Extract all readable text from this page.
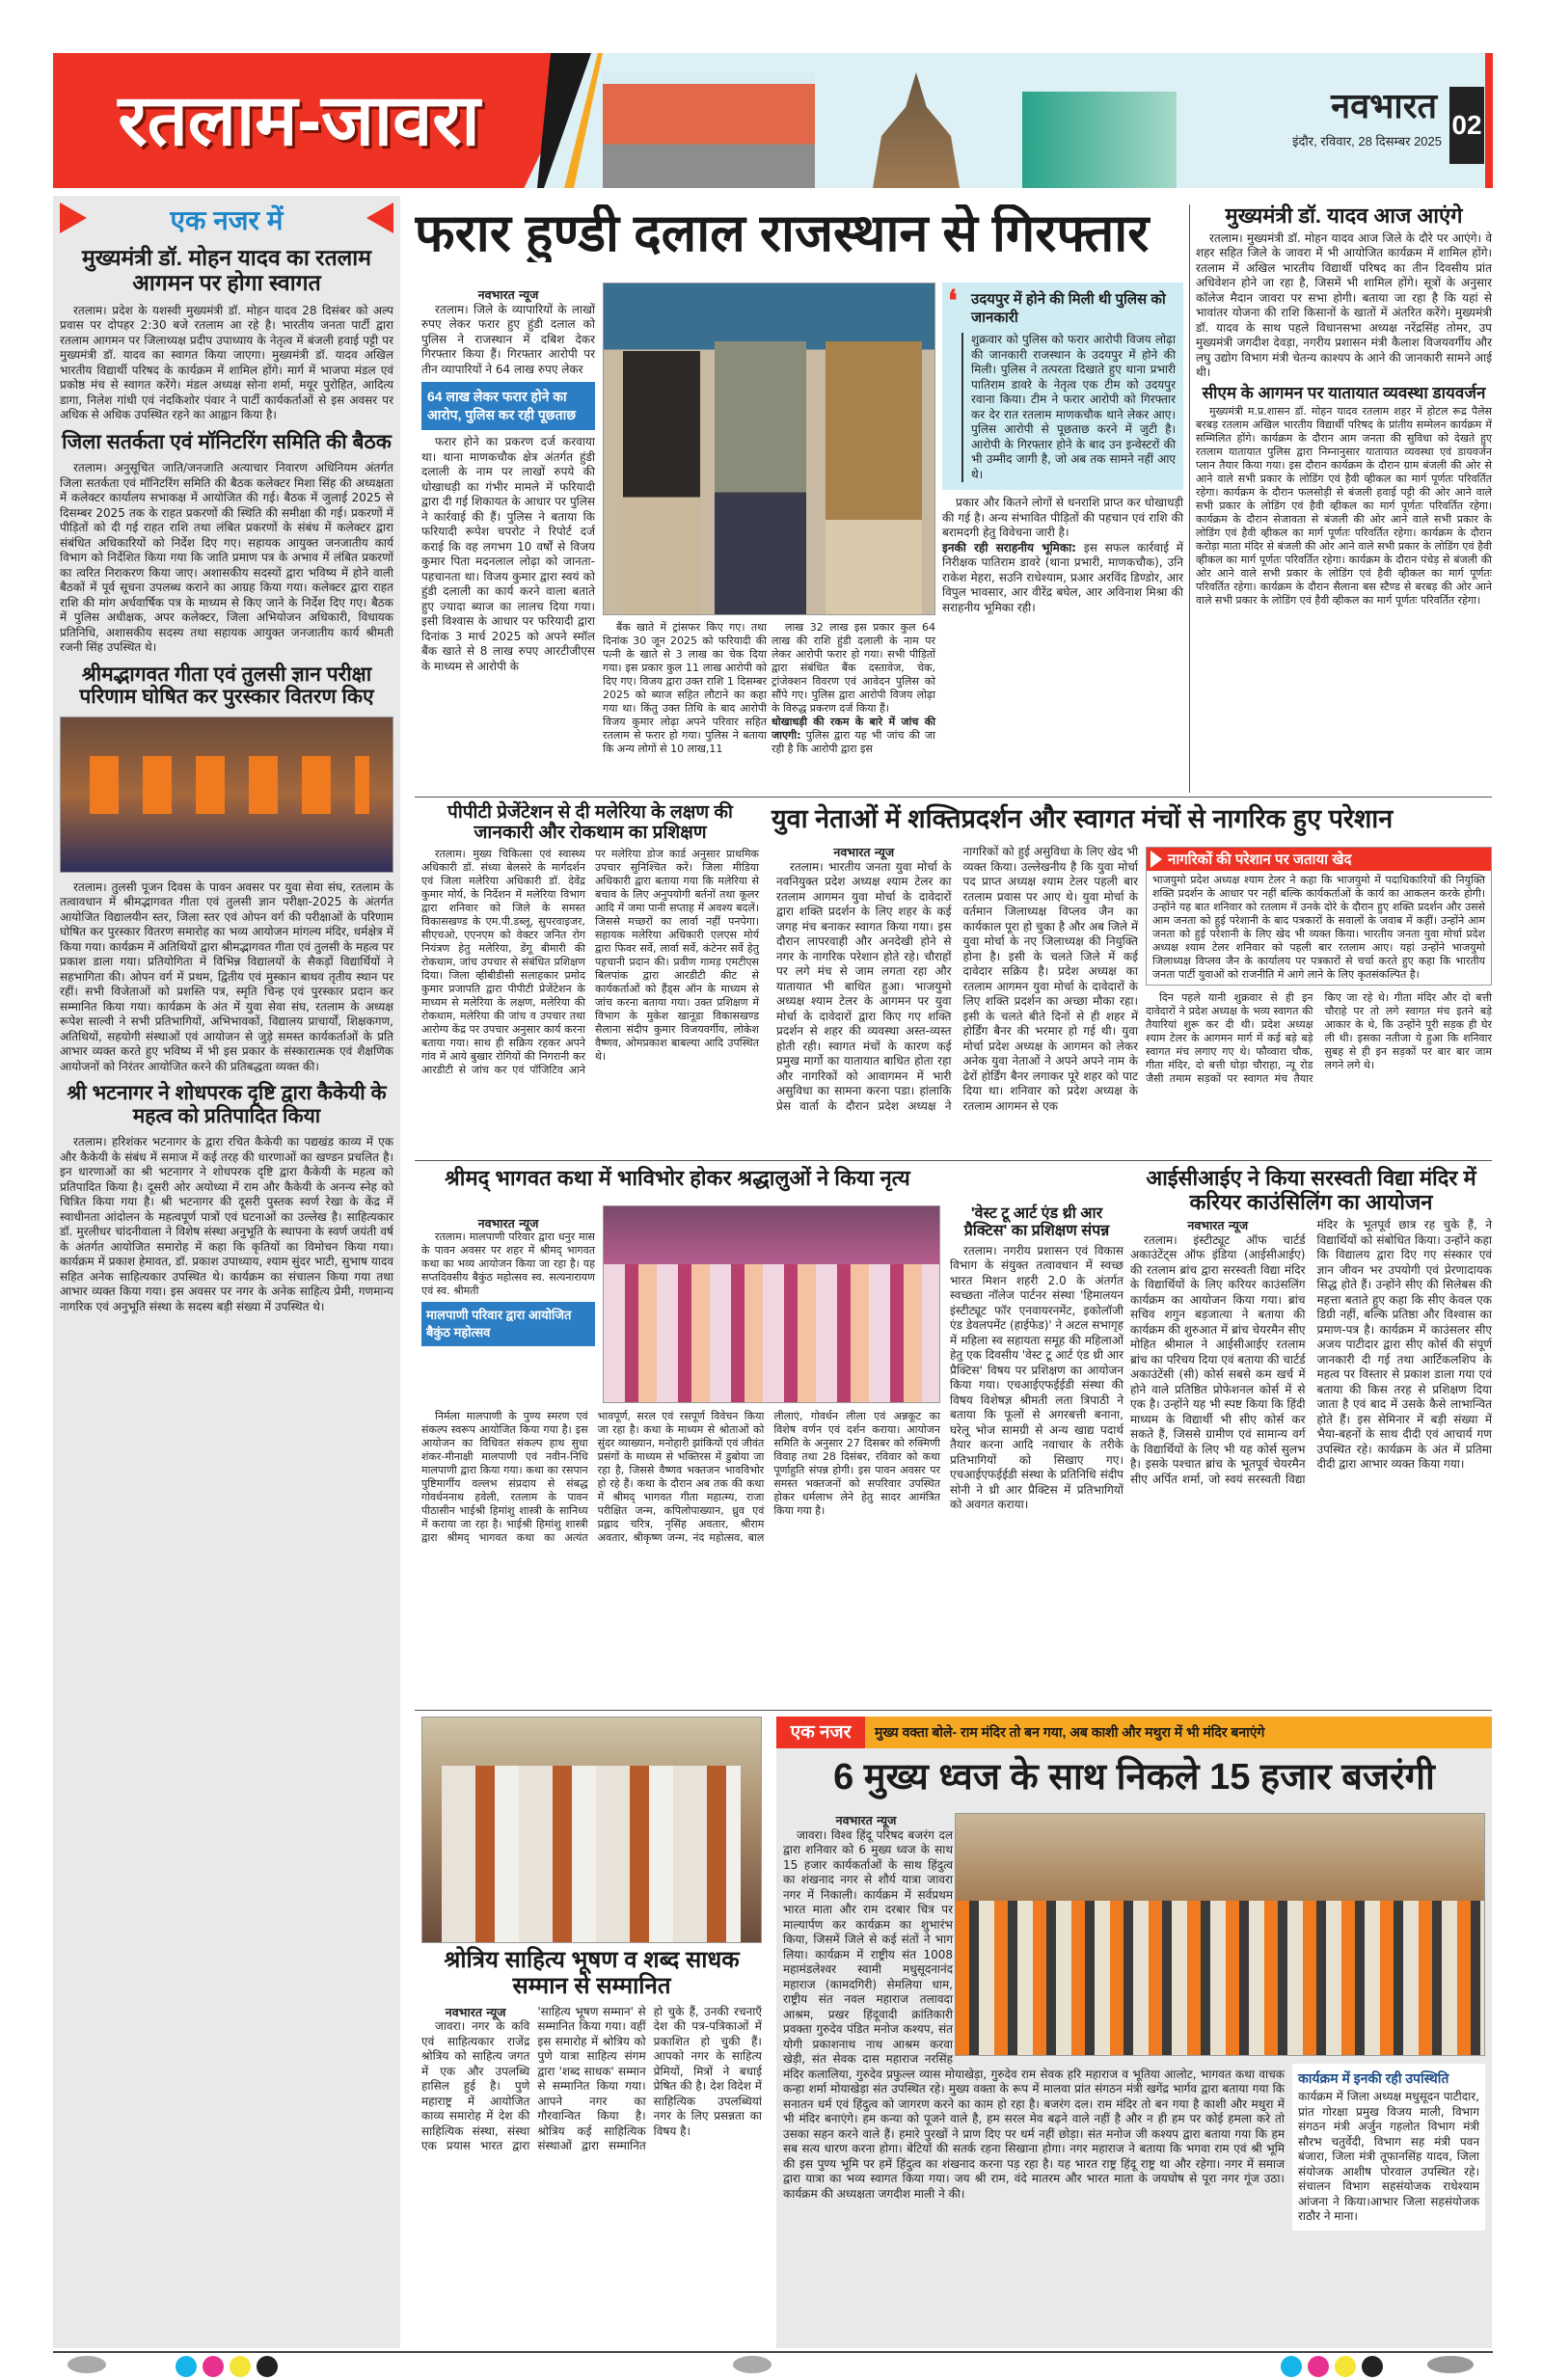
रतलाम-जावरा	नवभारत
इंदौर, रविवार, 28 दिसम्बर 2025
02
एक नजर में
मुख्यमंत्री डॉ. मोहन यादव का रतलाम आगमन पर होगा स्वागत

रतलाम। प्रदेश के यशस्वी मुख्यमंत्री डॉ. मोहन यादव 28 दिसंबर को अल्प प्रवास पर दोपहर 2:30 बजे रतलाम आ रहे है। भारतीय जनता पार्टी द्वारा रतलाम आगमन पर जिलाध्यक्ष प्रदीप उपाध्याय के नेतृत्व में बंजली हवाई पट्टी पर मुख्यमंत्री डॉ. यादव का स्वागत किया जाएगा। मुख्यमंत्री डॉ. यादव अखिल भारतीय विद्यार्थी परिषद के कार्यक्रम में शामिल होंगे। मार्ग में भाजपा मंडल एवं प्रकोष्ठ मंच से स्वागत करेंगे। मंडल अध्यक्ष सोना शर्मा, मयूर पुरोहित, आदित्य डागा, निलेश गांधी एवं नंदकिशोर पंवार ने पार्टी कार्यकर्ताओं से इस अवसर पर अधिक से अधिक उपस्थित रहने का आह्वान किया है।

जिला सतर्कता एवं मॉनिटरिंग समिति की बैठक

रतलाम। अनुसूचित जाति/जनजाति अत्याचार निवारण अधिनियम अंतर्गत जिला सतर्कता एवं मॉनिटरिंग समिति की बैठक कलेक्टर मिशा सिंह की अध्यक्षता में कलेक्टर कार्यालय सभाकक्ष में आयोजित की गई। बैठक में जुलाई 2025 से दिसम्बर 2025 तक के राहत प्रकरणों की स्थिति की समीक्षा की गई। प्रकरणों में पीड़ितों को दी गई राहत राशि तथा लंबित प्रकरणों के संबंध में कलेक्टर द्वारा संबंधित अधिकारियों को निर्देश दिए गए। सहायक आयुक्त जनजातीय कार्य विभाग को निर्देशित किया गया कि जाति प्रमाण पत्र के अभाव में लंबित प्रकरणों का त्वरित निराकरण किया जाए। अशासकीय सदस्यों द्वारा भविष्य में होने वाली बैठकों में पूर्व सूचना उपलब्ध कराने का आग्रह किया गया। कलेक्टर द्वारा राहत राशि की मांग अर्धवार्षिक पत्र के माध्यम से किए जाने के निर्देश दिए गए। बैठक में पुलिस अधीक्षक, अपर कलेक्टर, जिला अभियोजन अधिकारी, विधायक प्रतिनिधि, अशासकीय सदस्य तथा सहायक आयुक्त जनजातीय कार्य श्रीमती रजनी सिंह उपस्थित थे।

श्रीमद्भागवत गीता एवं तुलसी ज्ञान परीक्षा परिणाम घोषित कर पुरस्कार वितरण किए

रतलाम। तुलसी पूजन दिवस के पावन अवसर पर युवा सेवा संघ, रतलाम के तत्वावधान में श्रीमद्भागवत गीता एवं तुलसी ज्ञान परीक्षा-2025 के अंतर्गत आयोजित विद्यालयीन स्तर, जिला स्तर एवं ओपन वर्ग की परीक्षाओं के परिणाम घोषित कर पुरस्कार वितरण समारोह का भव्य आयोजन मांगल्य मंदिर, धर्मक्षेत्र में किया गया। कार्यक्रम में अतिथियों द्वारा श्रीमद्भागवत गीता एवं तुलसी के महत्व पर प्रकाश डाला गया। प्रतियोगिता में विभिन्न विद्यालयों के सैकड़ों विद्यार्थियों ने सहभागिता की। ओपन वर्ग में प्रथम, द्वितीय एवं मुस्कान बाथव तृतीय स्थान पर रहीं। सभी विजेताओं को प्रशस्ति पत्र, स्मृति चिन्ह एवं पुरस्कार प्रदान कर सम्मानित किया गया। कार्यक्रम के अंत में युवा सेवा संघ, रतलाम के अध्यक्ष रूपेश साल्वी ने सभी प्रतिभागियों, अभिभावकों, विद्यालय प्राचार्यों, शिक्षकगण, अतिथियों, सहयोगी संस्थाओं एवं आयोजन से जुड़े समस्त कार्यकर्ताओं के प्रति आभार व्यक्त करते हुए भविष्य में भी इस प्रकार के संस्कारात्मक एवं शैक्षणिक आयोजनों को निरंतर आयोजित करने की प्रतिबद्धता व्यक्त की।

श्री भटनागर ने शोधपरक दृष्टि द्वारा कैकेयी के महत्व को प्रतिपादित किया

रतलाम। हरिशंकर भटनागर के द्वारा रचित कैकेयी का पद्यखंड काव्य में एक और कैकेयी के संबंध में समाज में कई तरह की धारणाओं का खण्डन प्रचलित है। इन धारणाओं का श्री भटनागर ने शोधपरक दृष्टि द्वारा कैकेयी के महत्व को प्रतिपादित किया है। दूसरी ओर अयोध्या में राम और कैकेयी के अनन्य स्नेह को चित्रित किया गया है। श्री भटनागर की दूसरी पुस्तक स्वर्ण रेखा के केंद्र में स्वाधीनता आंदोलन के महत्वपूर्ण पात्रों एवं घटनाओं का उल्लेख है। साहित्यकार डॉ. मुरलीधर चांदनीवाला ने विशेष संस्था अनुभूति के स्थापना के स्वर्ण जयंती वर्ष के अंतर्गत आयोजित समारोह में कहा कि कृतियों का विमोचन किया गया। कार्यक्रम में प्रकाश हेमावत, डॉ. प्रकाश उपाध्याय, श्याम सुंदर भाटी, सुभाष यादव सहित अनेक साहित्यकार उपस्थित थे। कार्यक्रम का संचालन किया गया तथा आभार व्यक्त किया गया। इस अवसर पर नगर के अनेक साहित्य प्रेमी, गणमान्य नागरिक एवं अनुभूति संस्था के सदस्य बड़ी संख्या में उपस्थित थे।

फरार हुण्डी दलाल राजस्थान से गिरफ्तार
नवभारत न्यूज

रतलाम। जिले के व्यापारियों के लाखों रुपए लेकर फरार हुए हुंडी दलाल को पुलिस ने राजस्थान में दबिश देकर गिरफ्तार किया हैं। गिरफ्तार आरोपी पर तीन व्यापारियों ने 64 लाख रुपए लेकर

64 लाख लेकर फरार होने का आरोप, पुलिस कर रही पूछताछ

फरार होने का प्रकरण दर्ज करवाया था। थाना माणकचौक क्षेत्र अंतर्गत हुंडी दलाली के नाम पर लाखों रुपये की धोखाधड़ी का गंभीर मामले में फरियादी द्वारा दी गई शिकायत के आधार पर पुलिस ने कार्रवाई की हैं। पुलिस ने बताया कि फरियादी रूपेश चपरोट ने रिपोर्ट दर्ज कराई कि वह लगभग 10 वर्षों से विजय कुमार पिता मदनलाल लोढ़ा को जानता-पहचानता था। विजय कुमार द्वारा स्वयं को हुंडी दलाली का कार्य करने वाला बताते हुए ज्यादा ब्याज का लालच दिया गया। इसी विश्वास के आधार पर फरियादी द्वारा दिनांक 3 मार्च 2025 को अपने स्मॉल बैंक खाते से 8 लाख रुपए आरटीजीएस के माध्यम से आरोपी के

बैंक खाते में ट्रांसफर किए गए। तथा दिनांक 30 जून 2025 को फरियादी की पत्नी के खाते से 3 लाख का चेक दिया गया। इस प्रकार कुल 11 लाख आरोपी को दिए गए। विजय द्वारा उक्त राशि 1 दिसम्बर 2025 को ब्याज सहित लौटाने का कहा गया था। किंतु उक्त तिथि के बाद आरोपी विजय कुमार लोढ़ा अपने परिवार सहित रतलाम से फरार हो गया। पुलिस ने बताया कि अन्य लोगों से 10 लाख,11

लाख 32 लाख इस प्रकार कुल 64 लाख की राशि हुंडी दलाली के नाम पर लेकर आरोपी फरार हो गया। सभी पीड़ितों द्वारा संबंधित बैंक दस्तावेज, चेक, ट्रांजेक्शन विवरण एवं आवेदन पुलिस को सौंपे गए। पुलिस द्वारा आरोपी विजय लोढ़ा के विरुद्ध प्रकरण दर्ज किया हैं।

धोखाधड़ी की रकम के बारे में जांच की जाएगी: पुलिस द्वारा यह भी जांच की जा रही है कि आरोपी द्वारा इस
❛ उदयपुर में होने की मिली थी पुलिस को जानकारी
शुक्रवार को पुलिस को फरार आरोपी विजय लोढ़ा की जानकारी राजस्थान के उदयपुर में होने की मिली। पुलिस ने तत्परता दिखाते हुए थाना प्रभारी पातिराम डावरे के नेतृत्व एक टीम को उदयपुर रवाना किया। टीम ने फरार आरोपी को गिरफ्तार कर देर रात रतलाम माणकचौक थाने लेकर आए। पुलिस आरोपी से पूछताछ करने में जुटी है। आरोपी के गिरफ्तार होने के बाद उन इन्वेस्टरों की भी उम्मीद जागी है, जो अब तक सामने नहीं आए थे।

प्रकार और कितने लोगों से धनराशि प्राप्त कर धोखाधड़ी की गई है। अन्य संभावित पीड़ितों की पहचान एवं राशि की बरामदगी हेतु विवेचना जारी है।

इनकी रही सराहनीय भूमिका: इस सफल कार्रवाई में निरीक्षक पातिराम डावरे (थाना प्रभारी, माणकचौक), उनि राकेश मेहरा, सउनि राधेश्याम, प्रआर अरविंद डिण्डोर, आर विपुल भावसार, आर वीरेंद्र बघेल, आर अविनाश मिश्रा की सराहनीय भूमिका रही।
मुख्यमंत्री डॉ. यादव आज आएंगे

रतलाम। मुख्यमंत्री डॉ. मोहन यादव आज जिले के दौरे पर आएंगे। वे शहर सहित जिले के जावरा में भी आयोजित कार्यक्रम में शामिल होंगे। रतलाम में अखिल भारतीय विद्यार्थी परिषद का तीन दिवसीय प्रांत अधिवेशन होने जा रहा है, जिसमें भी शामिल होंगे। सूत्रों के अनुसार कॉलेज मैदान जावरा पर सभा होगी। बताया जा रहा है कि यहां से भावांतर योजना की राशि किसानों के खातों में अंतरित करेंगे। मुख्यमंत्री डॉ. यादव के साथ पहले विधानसभा अध्यक्ष नरेंद्रसिंह तोमर, उप मुख्यमंत्री जगदीश देवड़ा, नगरीय प्रशासन मंत्री कैलाश विजयवर्गीय और लघु उद्योग विभाग मंत्री चेतन्य काश्यप के आने की जानकारी सामने आई थी।

सीएम के आगमन पर यातायात व्यवस्था डायवर्जन

मुख्यमंत्री म.प्र.शासन डॉ. मोहन यादव रतलाम शहर में होटल रूद्र पैलेस बरबड़ रतलाम अखिल भारतीय विद्यार्थी परिषद के प्रांतीय सम्मेलन कार्यक्रम में सम्मिलित होंगे। कार्यक्रम के दौरान आम जनता की सुविधा को देखते हुए रतलाम यातायात पुलिस द्वारा निम्नानुसार यातायात व्यवस्था एवं डायवर्जन प्लान तैयार किया गया। इस दौरान कार्यक्रम के दौरान ग्राम बंजली की ओर से आने वाले सभी प्रकार के लोडिंग एवं हैवी व्हीकल का मार्ग पूर्णतः परिवर्तित रहेगा। कार्यक्रम के दौरान फलसोड़ी से बंजली हवाई पट्टी की ओर आने वाले सभी प्रकार के लोडिंग एवं हैवी व्हीकल का मार्ग पूर्णतः परिवर्तित रहेगा। कार्यक्रम के दौरान सेजावता से बंजली की ओर आने वाले सभी प्रकार के लोडिंग एवं हैवी व्हीकल का मार्ग पूर्णतः परिवर्तित रहेगा। कार्यक्रम के दौरान करोड़ा माता मंदिर से बंजली की ओर आने वाले सभी प्रकार के लोडिंग एवं हैवी व्हीकल का मार्ग पूर्णतः परिवर्तित रहेगा। कार्यक्रम के दौरान पंचेड़ से बंजली की ओर आने वाले सभी प्रकार के लोडिंग एवं हैवी व्हीकल का मार्ग पूर्णतः परिवर्तित रहेगा। कार्यक्रम के दौरान सैलाना बस स्टैण्ड से बरबड़ की ओर आने वाले सभी प्रकार के लोडिंग एवं हैवी व्हीकल का मार्ग पूर्णतः परिवर्तित रहेगा।

पीपीटी प्रेजेंटेशन से दी मलेरिया के लक्षण की जानकारी और रोकथाम का प्रशिक्षण

रतलाम। मुख्य चिकित्सा एवं स्वास्थ्य अधिकारी डॉ. संध्या बेलसरे के मार्गदर्शन एवं जिला मलेरिया अधिकारी डॉ. देवेंद्र कुमार मोर्य, के निर्देशन में मलेरिया विभाग द्वारा शनिवार को जिले के समस्त विकासखण्ड के एम.पी.डब्लू, सुपरवाइजर, सीएचओ, एएनएम को वेक्टर जनित रोग नियंत्रण हेतु मलेरिया, डेंगू बीमारी की रोकथाम, जांच उपचार से संबंधित प्रशिक्षण दिया। जिला व्हीबीडीसी सलाहकार प्रमोद कुमार प्रजापति द्वारा पीपीटी प्रेजेंटेशन के माध्यम से मलेरिया के लक्षण, मलेरिया की रोकथाम, मलेरिया की जांच व उपचार तथा आरोग्य केंद्र पर उपचार अनुसार कार्य करना बताया गया। साथ ही सक्रिय रहकर अपने गांव में आये बुखार रोगियों की निगरानी कर आरडीटी से जांच कर एवं पॉजिटिव आने पर मलेरिया डोज कार्ड अनुसार प्राथमिक उपचार सुनिश्चित करें। जिला मीडिया अधिकारी द्वारा बताया गया कि मलेरिया से बचाव के लिए अनुपयोगी बर्तनों तथा कूलर आदि में जमा पानी सप्ताह में अवश्य बदलें। जिससे मच्छरों का लार्वा नहीं पनपेगा। सहायक मलेरिया अधिकारी एलएस मोर्य द्वारा फिवर सर्वे, लार्वा सर्वे, कंटेनर सर्वे हेतु पहचानी प्रदान की। प्रवीण गामड़ एमटीएस बिलपांक द्वारा आरडीटी कीट से कार्यकर्ताओं को हैंड्स ऑन के माध्यम से जांच करना बताया गया। उक्त प्रशिक्षण में विभाग के मुकेश खानूडा विकासखण्ड सैलाना संदीप कुमार विजयवर्गीय, लोकेश वैष्णव, ओमप्रकाश बाबल्या आदि उपस्थित थे।

युवा नेताओं में शक्तिप्रदर्शन और स्वागत मंचों से नागरिक हुए परेशान
नवभारत न्यूज

रतलाम। भारतीय जनता युवा मोर्चा के नवनियुक्त प्रदेश अध्यक्ष श्याम टेलर का रतलाम आगमन युवा मोर्चा के दावेदारों द्वारा शक्ति प्रदर्शन के लिए शहर के कई जगह मंच बनाकर स्वागत किया गया। इस दौरान लापरवाही और अनदेखी होने से नगर के नागरिक परेशान होते रहे। चौराहों पर लगे मंच से जाम लगता रहा और यातायात भी बाधित हुआ। भाजयुमो अध्यक्ष श्याम टेलर के आगमन पर युवा मोर्चा के दावेदारों द्वारा किए गए शक्ति प्रदर्शन से शहर की व्यवस्था अस्त-व्यस्त होती रही। स्वागत मंचों के कारण कई प्रमुख मार्गो का यातायात बाधित होता रहा और नागरिकों को आवागमन में भारी असुविधा का सामना करना पडा। हांलाकि प्रेस वार्ता के दौरान प्रदेश अध्यक्ष ने नागरिकों को हुई असुविधा के लिए खेद भी व्यक्त किया। उल्लेखनीय है कि युवा मोर्चा पद प्राप्त अध्यक्ष श्याम टेलर पहली बार रतलाम प्रवास पर आए थे। युवा मोर्चा के वर्तमान जिलाध्यक्ष विप्लव जैन का कार्यकाल पूरा हो चुका है और अब जिले में युवा मोर्चा के नए जिलाध्यक्ष की नियुक्ति होना है। इसी के चलते जिले में कई दावेदार सक्रिय है। प्रदेश अध्यक्ष का रतलाम आगमन युवा मोर्चा के दावेदारों के लिए शक्ति प्रदर्शन का अच्छा मौका रहा। इसी के चलते बीते दिनों से ही शहर में होर्डिंग बैनर की भरमार हो गई थी। युवा मोर्चा प्रदेश अध्यक्ष के आगमन को लेकर अनेक युवा नेताओं ने अपने अपने नाम के ढेरों होर्डिंग बैनर लगाकर पूरे शहर को पाट दिया था। शनिवार को प्रदेश अध्यक्ष के रतलाम आगमन से एक

नागरिकों की परेशान पर जताया खेद
भाजयुमो प्रदेश अध्यक्ष श्याम टेलर ने कहा कि भाजयुमो में पदाधिकारियों की नियुक्ति शक्ति प्रदर्शन के आधार पर नहीं बल्कि कार्यकर्ताओं के कार्य का आकलन करके होगी। उन्होंने यह बात शनिवार को रतलाम में उनके दोरे के दौरान हुए शक्ति प्रदर्शन और उससे आम जनता को हुई परेशानी के बाद पत्रकारों के सवालों के जवाब में कहीं। उन्होंने आम जनता को हुई परेशानी के लिए खेद भी व्यक्त किया। भारतीय जनता युवा मोर्चा प्रदेश अध्यक्ष श्याम टेलर शनिवार को पहली बार रतलाम आए। यहां उन्होंने भाजयुमो जिलाध्यक्ष विप्लव जैन के कार्यालय पर पत्रकारों से चर्चा करते हुए कहा कि भारतीय जनता पार्टी युवाओं को राजनीति में आगे लाने के लिए कृतसंकल्पित है।

दिन पहले यानी शुक्रवार से ही इन दावेदारों ने प्रदेश अध्यक्ष के भव्य स्वागत की तैयारियां शुरू कर दी थी। प्रदेश अध्यक्ष श्याम टेलर के आगमन मार्ग में कई बड़े बड़े स्वागत मंच लगाए गए थे। फौव्वारा चौक, गीता मंदिर, दो बत्ती घोड़ा चौराहा, न्यू रोड जैसी तमाम सड़कों पर स्वागत मंच तैयार किए जा रहे थे। गीता मंदिर और दो बत्ती चौराहे पर तो लगे स्वागत मंच इतने बड़े आकार के थे, कि उन्होंने पूरी सड़क ही घेर ली थी। इसका नतीजा ये हुआ कि शनिवार सुबह से ही इन सड़कों पर बार बार जाम लगने लगे थे।

श्रीमद् भागवत कथा में भाविभोर होकर श्रद्धालुओं ने किया नृत्य
नवभारत न्यूज

रतलाम। मालपाणी परिवार द्वारा धनुर मास के पावन अवसर पर शहर में श्रीमद् भागवत कथा का भव्य आयोजन किया जा रहा है। यह सप्तदिवसीय बैकुंठ महोत्सव स्व. सत्यनारायण एवं स्व. श्रीमती

मालपाणी परिवार द्वारा आयोजित बैकुंठ महोत्सव

निर्मला मालपाणी के पुण्य स्मरण एवं संकल्प स्वरूप आयोजित किया गया है। इस आयोजन का विधिवत संकल्प हाथ सुधा शंकर-मीनाक्षी मालपाणी एवं नवीन-निधि मालपाणी द्वारा किया गया। कथा का रसपान पुष्टिमार्गीय वल्लभ संप्रदाय से संबद्ध गोवर्धननाथ हवेली, रतलाम के पावन पीठासीन भाईश्री हिमांशु शास्त्री के सानिध्य में कराया जा रहा है। भाईश्री हिमांशु शास्त्री द्वारा श्रीमद् भागवत कथा का अत्यंत भावपूर्ण, सरल एवं रसपूर्ण विवेचन किया जा रहा है। कथा के माध्यम से श्रोताओं को सुंदर व्याख्यान, मनोहारी झांकियों एवं जीवंत प्रसंगों के माध्यम से भक्तिरस में डुबोया जा रहा है, जिससे वैष्णव भक्तजन भावविभोर हो रहे हैं। कथा के दौरान अब तक की कथा में श्रीमद् भागवत गीता महात्म्य, राजा परीक्षित जन्म, कपिलोपाख्यान, ध्रुव एवं प्रह्लाद चरित्र, नृसिंह अवतार, श्रीराम अवतार, श्रीकृष्ण जन्म, नंद महोत्सव, बाल लीलाएं, गोवर्धन लीला एवं अन्नकूट का विशेष वर्णन एवं दर्शन कराया। आयोजन समिति के अनुसार 27 दिसबर को रुक्मिणी विवाह तथा 28 दिसंबर, रविवार को कथा पूर्णाहुति संपन्न होगी। इस पावन अवसर पर समस्त भक्तजनों को सपरिवार उपस्थित होकर धर्मलाभ लेने हेतु सादर आमंत्रित किया गया है।

'वेस्ट टू आर्ट एंड थ्री आर प्रैक्टिस' का प्रशिक्षण संपन्न

रतलाम। नगरीय प्रशासन एवं विकास विभाग के संयुक्त तत्वावधान में स्वच्छ भारत मिशन शहरी 2.0 के अंतर्गत स्वच्छता नॉलेज पार्टनर संस्था 'हिमालयन इंस्टीट्यूट फॉर एनवायरनमेंट, इकोलॉजी एंड डेवलपमेंट (हाईफेड)' ने अटल सभागृह में महिला स्व सहायता समूह की महिलाओं हेतु एक दिवसीय 'वेस्ट टू आर्ट एंड थ्री आर प्रैक्टिस' विषय पर प्रशिक्षण का आयोजन किया गया। एचआईएफईईडी संस्था की विषय विशेषज्ञ श्रीमती लता त्रिपाठी ने बताया कि फूलों से अगरबत्ती बनाना, घरेलू भोज सामग्री से अन्य खाद्य पदार्थ तैयार करना आदि नवाचार के तरीके प्रतिभागियों को सिखाए गए। एचआईएफईईडी संस्था के प्रतिनिधि संदीप सोनी ने थ्री आर प्रैक्टिस में प्रतिभागियों को अवगत कराया।

आईसीआईए ने किया सरस्वती विद्या मंदिर में करियर काउंसिलिंग का आयोजन
नवभारत न्यूज

रतलाम। इंस्टीट्यूट ऑफ चार्टर्ड अकाउंटेंट्स ऑफ इंडिया (आईसीआईए) की रतलाम ब्रांच द्वारा सरस्वती विद्या मंदिर के विद्यार्थियों के लिए करियर काउंसलिंग कार्यक्रम का आयोजन किया गया। ब्रांच सचिव शगुन बड़जात्या ने बताया की कार्यक्रम की शुरुआत में ब्रांच चेयरमैन सीए मोहित श्रीमाल ने आईसीआईए रतलाम ब्रांच का परिचय दिया एवं बताया की चार्टर्ड अकाउंटेंसी (सी) कोर्स सबसे कम खर्च में होने वाले प्रतिष्ठित प्रोफेशनल कोर्स में से एक है। उन्होंने यह भी स्पष्ट किया कि हिंदी माध्यम के विद्यार्थी भी सीए कोर्स कर सकते हैं, जिससे ग्रामीण एवं सामान्य वर्ग के विद्यार्थियों के लिए भी यह कोर्स सुलभ है। इसके पश्चात ब्रांच के भूतपूर्व चेयरमैन सीए अर्पित शर्मा, जो स्वयं सरस्वती विद्या मंदिर के भूतपूर्व छात्र रह चुके हैं, ने विद्यार्थियों को संबोधित किया। उन्होंने कहा कि विद्यालय द्वारा दिए गए संस्कार एवं ज्ञान जीवन भर उपयोगी एवं प्रेरणादायक सिद्ध होते हैं। उन्होंने सीए की सिलेबस की महत्ता बताते हुए कहा कि सीए केवल एक डिग्री नहीं, बल्कि प्रतिष्ठा और विश्वास का प्रमाण-पत्र है। कार्यक्रम में काउंसलर सीए अजय पाटीदार द्वारा सीए कोर्स की संपूर्ण जानकारी दी गई तथा आर्टिकलशिप के महत्व पर विस्तार से प्रकाश डाला गया एवं बताया की किस तरह से प्रशिक्षण दिया जाता है एवं बाद में उसके कैसे लाभान्वित होते हैं। इस सेमिनार में बड़ी संख्या में भैया-बहनों के साथ दीदी एवं आचार्य गण उपस्थित रहे। कार्यक्रम के अंत में प्रतिमा दीदी द्वारा आभार व्यक्त किया गया।

श्रोत्रिय साहित्य भूषण व शब्द साधक सम्मान से सम्मानित
नवभारत न्यूज

जावरा। नगर के कवि एवं साहित्यकार राजेंद्र श्रोत्रिय को साहित्य जगत में एक और उपलब्धि हासिल हुई है। पुणे महाराष्ट्र में आयोजित काव्य समारोह में देश की साहित्यिक संस्था, संस्था एक प्रयास भारत द्वारा 'साहित्य भूषण सम्मान' से सम्मानित किया गया। वहीं इस समारोह में श्रोत्रिय को पुणे यात्रा साहित्य संगम द्वारा 'शब्द साधक' सम्मान से सम्मानित किया गया। आपने नगर का गौरवान्वित किया है। श्रोत्रिय कई साहित्यिक संस्थाओं द्वारा सम्मानित हो चुके हैं, उनकी रचनाएँ देश की पत्र-पत्रिकाओं में प्रकाशित हो चुकी हैं। आपको नगर के साहित्य प्रेमियों, मित्रों ने बधाई प्रेषित की है। देश विदेश में साहित्यिक उपलब्धियां नगर के लिए प्रसन्नता का विषय है।

एक नजर	मुख्य वक्ता बोले- राम मंदिर तो बन गया, अब काशी और मथुरा में भी मंदिर बनाएंगे
6 मुख्य ध्वज के साथ निकले 15 हजार बजरंगी
नवभारत न्यूज

जावरा। विश्व हिंदू परिषद बजरंग दल द्वारा शनिवार को 6 मुख्य ध्वज के साथ 15 हजार कार्यकर्ताओं के साथ हिंदुत्व का शंखनाद नगर से शौर्य यात्रा जावरा नगर में निकाली। कार्यक्रम में सर्वप्रथम भारत माता और राम दरबार चित्र पर माल्यार्पण कर कार्यक्रम का शुभारंभ किया, जिसमें जिले से कई संतों ने भाग लिया। कार्यक्रम में राष्ट्रीय संत 1008 महामंडलेश्वर स्वामी मधुसूदनानंद महाराज (कामदगिरी) सेमलिया धाम, राष्ट्रीय संत नवल महाराज तलावदा आश्रम, प्रखर हिंदूवादी क्रांतिकारी प्रवक्ता गुरुदेव पंडित मनोज कश्यप, संत योगी प्रकाशनाथ नाथ आश्रम करवा खेड़ी, संत सेवक दास महाराज नरसिंह मंदिर कलालिया, गुरुदेव प्रफुल्ल व्यास मोयाखेड़ा, गुरुदेव राम सेवक हरि महाराज व भूतिया आलोट, भागवत कथा वाचक कन्हा शर्मा मोयाखेड़ा संत उपस्थित रहे। मुख्य वक्ता के रूप में मालवा प्रांत संगठन मंत्री खगेंद्र भार्गव द्वारा बताया गया कि सनातन धर्म एवं हिंदुत्व को जागरण करने का काम हो रहा है। बजरंग दल। राम मंदिर तो बन गया है काशी और मथुरा में भी मंदिर बनाएंगे। हम कन्या को पूजने वाले है, हम सरल मेव बढ़ने वाले नहीं है और न ही हम पर कोई हमला करे तो उसका सहन करने वाले हैं। हमारे पुरखों ने प्राण दिए पर धर्म नहीं छोड़ा। संत मनोज जी कश्यप द्वारा बताया गया कि हम सब सत्य धारण करना होगा। बेटियों की सतर्क रहना सिखाना होगा। नगर महाराज ने बताया कि भगवा राम एवं श्री भूमि की इस पुण्य भूमि पर हमें हिंदुत्व का शंखनाद करना पड़ रहा है। यह भारत राष्ट्र हिंदू राष्ट्र था और रहेगा। नगर में समाज द्वारा यात्रा का भव्य स्वागत किया गया। जय श्री राम, वंदे मातरम और भारत माता के जयघोष से पूरा नगर गूंज उठा। कार्यक्रम की अध्यक्षता जगदीश माली ने की।

कार्यक्रम में इनकी रही उपस्थिति
कार्यक्रम में जिला अध्यक्ष मधुसूदन पाटीदार, प्रांत गोरक्षा प्रमुख विजय माली, विभाग संगठन मंत्री अर्जुन गहलोत विभाग मंत्री सौरभ चतुर्वेदी, विभाग सह मंत्री पवन बंजारा, जिला मंत्री तूफानसिंह यादव, जिला संयोजक आशीष पोरवाल उपस्थित रहे। संचालन विभाग सहसंयोजक राधेश्याम आंजना ने किया।आभार जिला सहसंयोजक राठौर ने माना।
